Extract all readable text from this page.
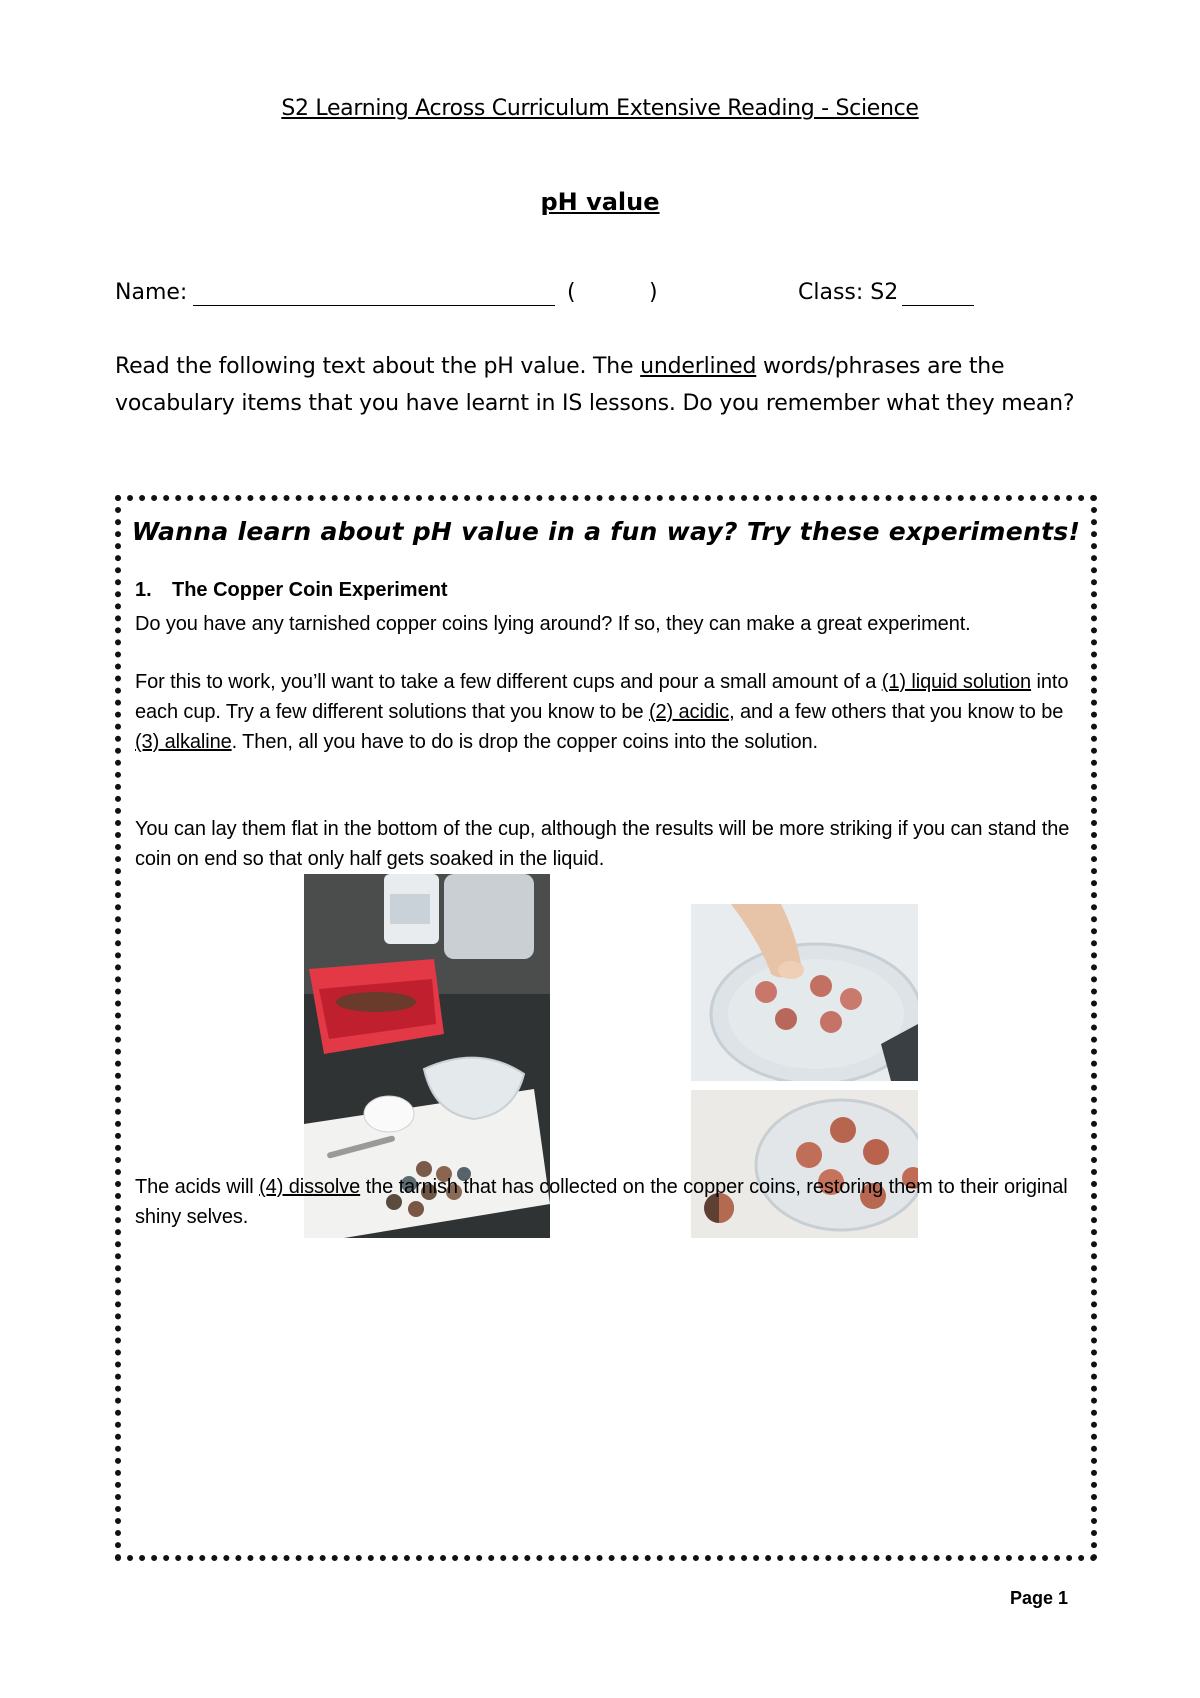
S2 Learning Across Curriculum Extensive Reading - Science
pH value
Name:	(	)	Class: S2
Read the following text about the pH value. The underlined words/phrases are the vocabulary items that you have learnt in IS lessons. Do you remember what they mean?
Wanna learn about pH value in a fun way? Try these experiments!
1. The Copper Coin Experiment
Do you have any tarnished copper coins lying around? If so, they can make a great experiment.
For this to work, you’ll want to take a few different cups and pour a small amount of a (1) liquid solution into each cup. Try a few different solutions that you know to be (2) acidic, and a few others that you know to be (3) alkaline. Then, all you have to do is drop the copper coins into the solution.
You can lay them flat in the bottom of the cup, although the results will be more striking if you can stand the coin on end so that only half gets soaked in the liquid.
The acids will (4) dissolve the tarnish that has collected on the copper coins, restoring them to their original shiny selves.
Page 1
